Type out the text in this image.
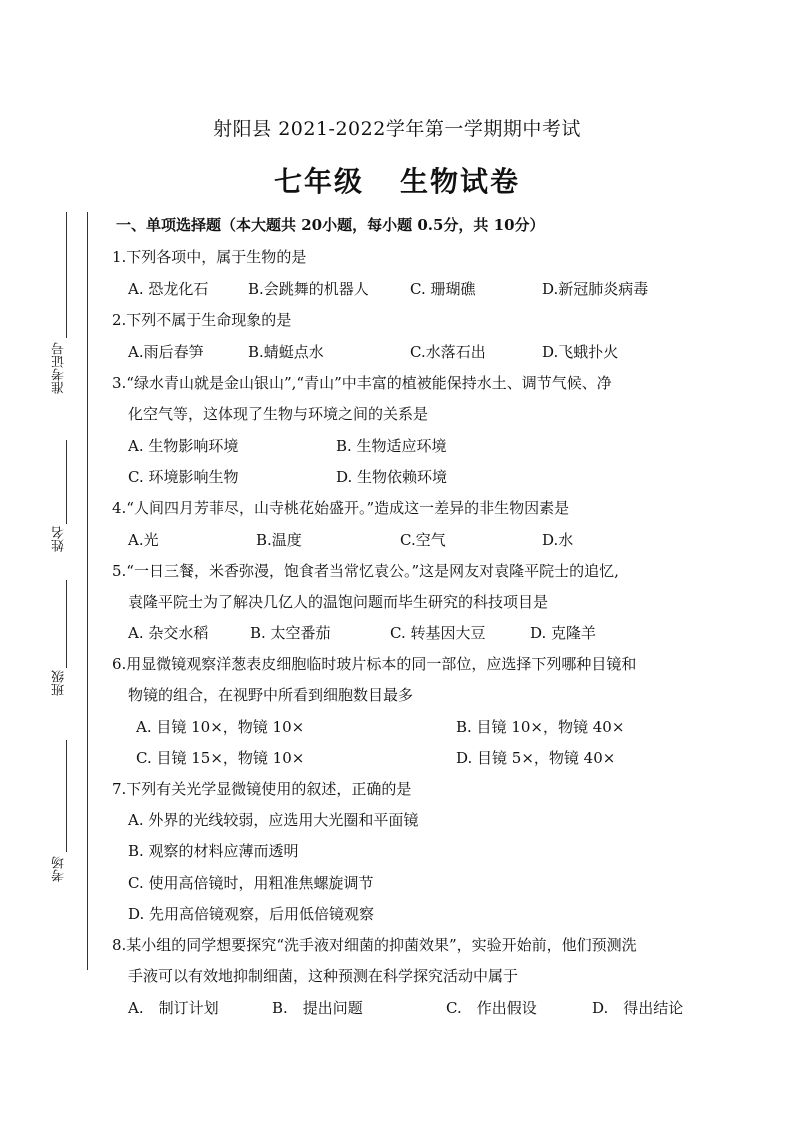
射阳县 2021-2022学年第一学期期中考试
七年级 生物试卷
准考证号
姓名
班级
考场
一、单项选择题（本大题共 20小题，每小题 0.5分，共 10分）
1.下列各项中，属于生物的是
A. 恐龙化石	B.会跳舞的机器人	C. 珊瑚礁	D.新冠肺炎病毒
2.下列不属于生命现象的是
A.雨后春笋	B.蜻蜓点水	C.水落石出	D.飞蛾扑火
3.“绿水青山就是金山银山”,“青山”中丰富的植被能保持水土、调节气候、净
化空气等，这体现了生物与环境之间的关系是
A. 生物影响环境	B. 生物适应环境
C. 环境影响生物	D. 生物依赖环境
4.“人间四月芳菲尽，山寺桃花始盛开。”造成这一差异的非生物因素是
A.光	B.温度	C.空气	D.水
5.“一日三餐，米香弥漫，饱食者当常忆袁公。”这是网友对袁隆平院士的追忆,
袁隆平院士为了解决几亿人的温饱问题而毕生研究的科技项目是
A. 杂交水稻	B. 太空番茄	C. 转基因大豆	D. 克隆羊
6.用显微镜观察洋葱表皮细胞临时玻片标本的同一部位，应选择下列哪种目镜和
物镜的组合，在视野中所看到细胞数目最多
A. 目镜 10×，物镜 10×	B. 目镜 10×，物镜 40×
C. 目镜 15×，物镜 10×	D. 目镜 5×，物镜 40×
7.下列有关光学显微镜使用的叙述，正确的是
A. 外界的光线较弱，应选用大光圈和平面镜
B. 观察的材料应薄而透明
C. 使用高倍镜时，用粗准焦螺旋调节
D. 先用高倍镜观察，后用低倍镜观察
8.某小组的同学想要探究“洗手液对细菌的抑菌效果”，实验开始前，他们预测洗
手液可以有效地抑制细菌，这种预测在科学探究活动中属于
A.　制订计划	B.　提出问题	C.　作出假设	D.　得出结论
